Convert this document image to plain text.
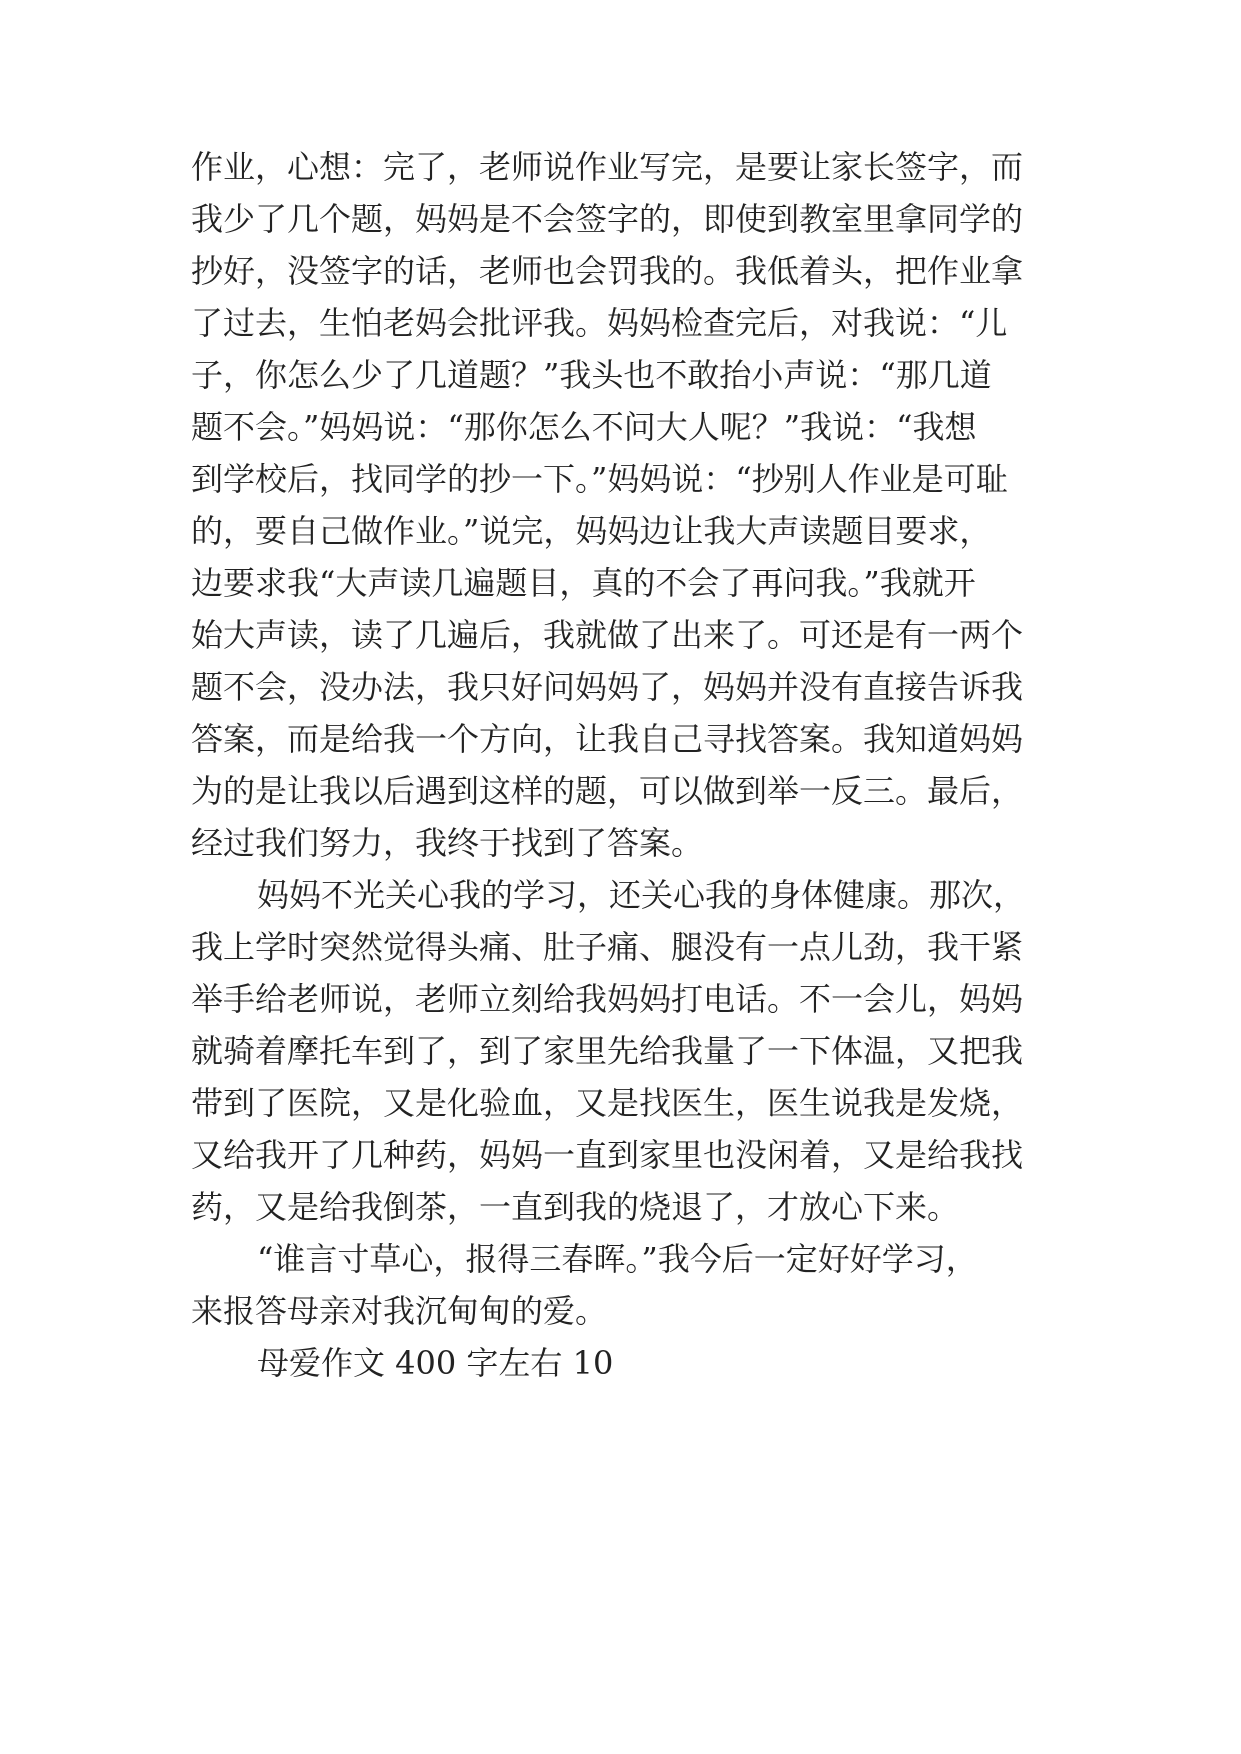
作业，心想：完了，老师说作业写完，是要让家长签字，而
我少了几个题，妈妈是不会签字的，即使到教室里拿同学的
抄好，没签字的话，老师也会罚我的。我低着头，把作业拿
了过去，生怕老妈会批评我。妈妈检查完后，对我说：“儿
子，你怎么少了几道题？”我头也不敢抬小声说：“那几道
题不会。”妈妈说：“那你怎么不问大人呢？”我说：“我想
到学校后，找同学的抄一下。”妈妈说：“抄别人作业是可耻
的，要自己做作业。”说完，妈妈边让我大声读题目要求，
边要求我“大声读几遍题目，真的不会了再问我。”我就开
始大声读，读了几遍后，我就做了出来了。可还是有一两个
题不会，没办法，我只好问妈妈了，妈妈并没有直接告诉我
答案，而是给我一个方向，让我自己寻找答案。我知道妈妈
为的是让我以后遇到这样的题，可以做到举一反三。最后，
经过我们努力，我终于找到了答案。
妈妈不光关心我的学习，还关心我的身体健康。那次，
我上学时突然觉得头痛、肚子痛、腿没有一点儿劲，我干紧
举手给老师说，老师立刻给我妈妈打电话。不一会儿，妈妈
就骑着摩托车到了，到了家里先给我量了一下体温，又把我
带到了医院，又是化验血，又是找医生，医生说我是发烧，
又给我开了几种药，妈妈一直到家里也没闲着，又是给我找
药，又是给我倒茶，一直到我的烧退了，才放心下来。
“谁言寸草心，报得三春晖。”我今后一定好好学习，
来报答母亲对我沉甸甸的爱。
母爱作文 400 字左右 10
